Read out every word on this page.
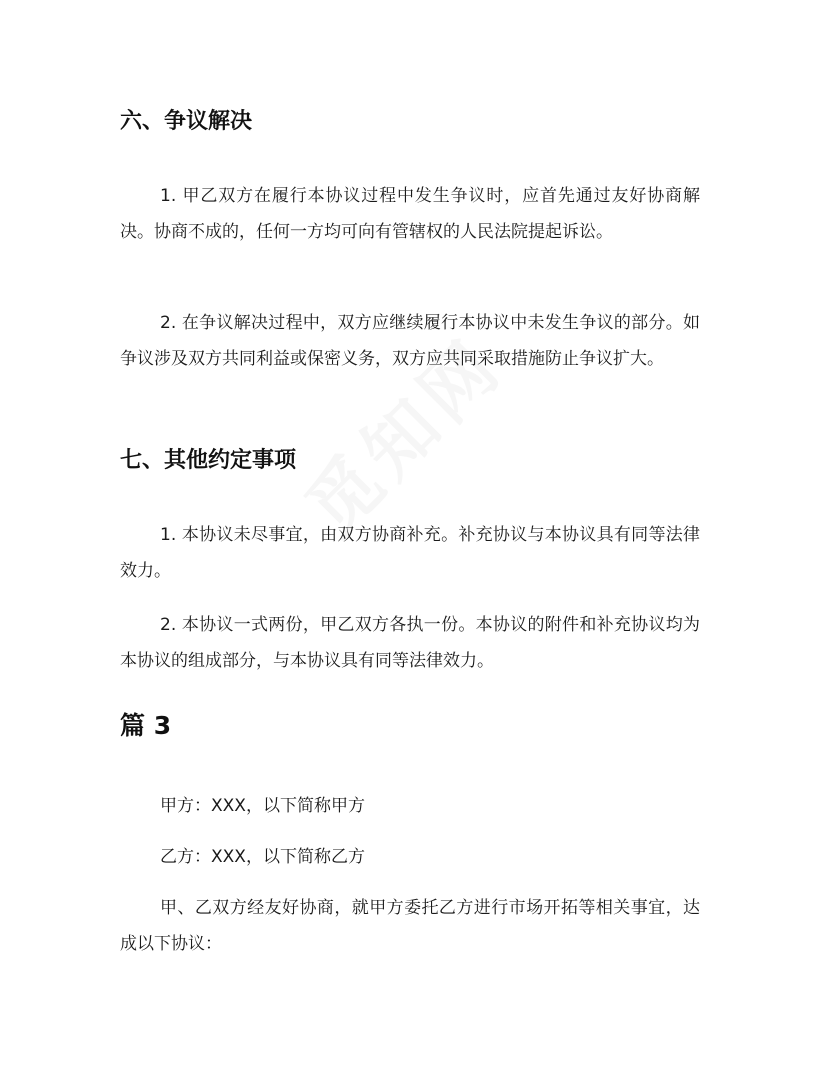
六、争议解决

1. 甲乙双方在履行本协议过程中发生争议时，应首先通过友好协商解决。协商不成的，任何一方均可向有管辖权的人民法院提起诉讼。

2. 在争议解决过程中，双方应继续履行本协议中未发生争议的部分。如争议涉及双方共同利益或保密义务，双方应共同采取措施防止争议扩大。

七、其他约定事项

1. 本协议未尽事宜，由双方协商补充。补充协议与本协议具有同等法律效力。

2. 本协议一式两份，甲乙双方各执一份。本协议的附件和补充协议均为本协议的组成部分，与本协议具有同等法律效力。

篇 3

甲方：XXX，以下简称甲方

乙方：XXX，以下简称乙方

甲、乙双方经友好协商，就甲方委托乙方进行市场开拓等相关事宜，达成以下协议：
